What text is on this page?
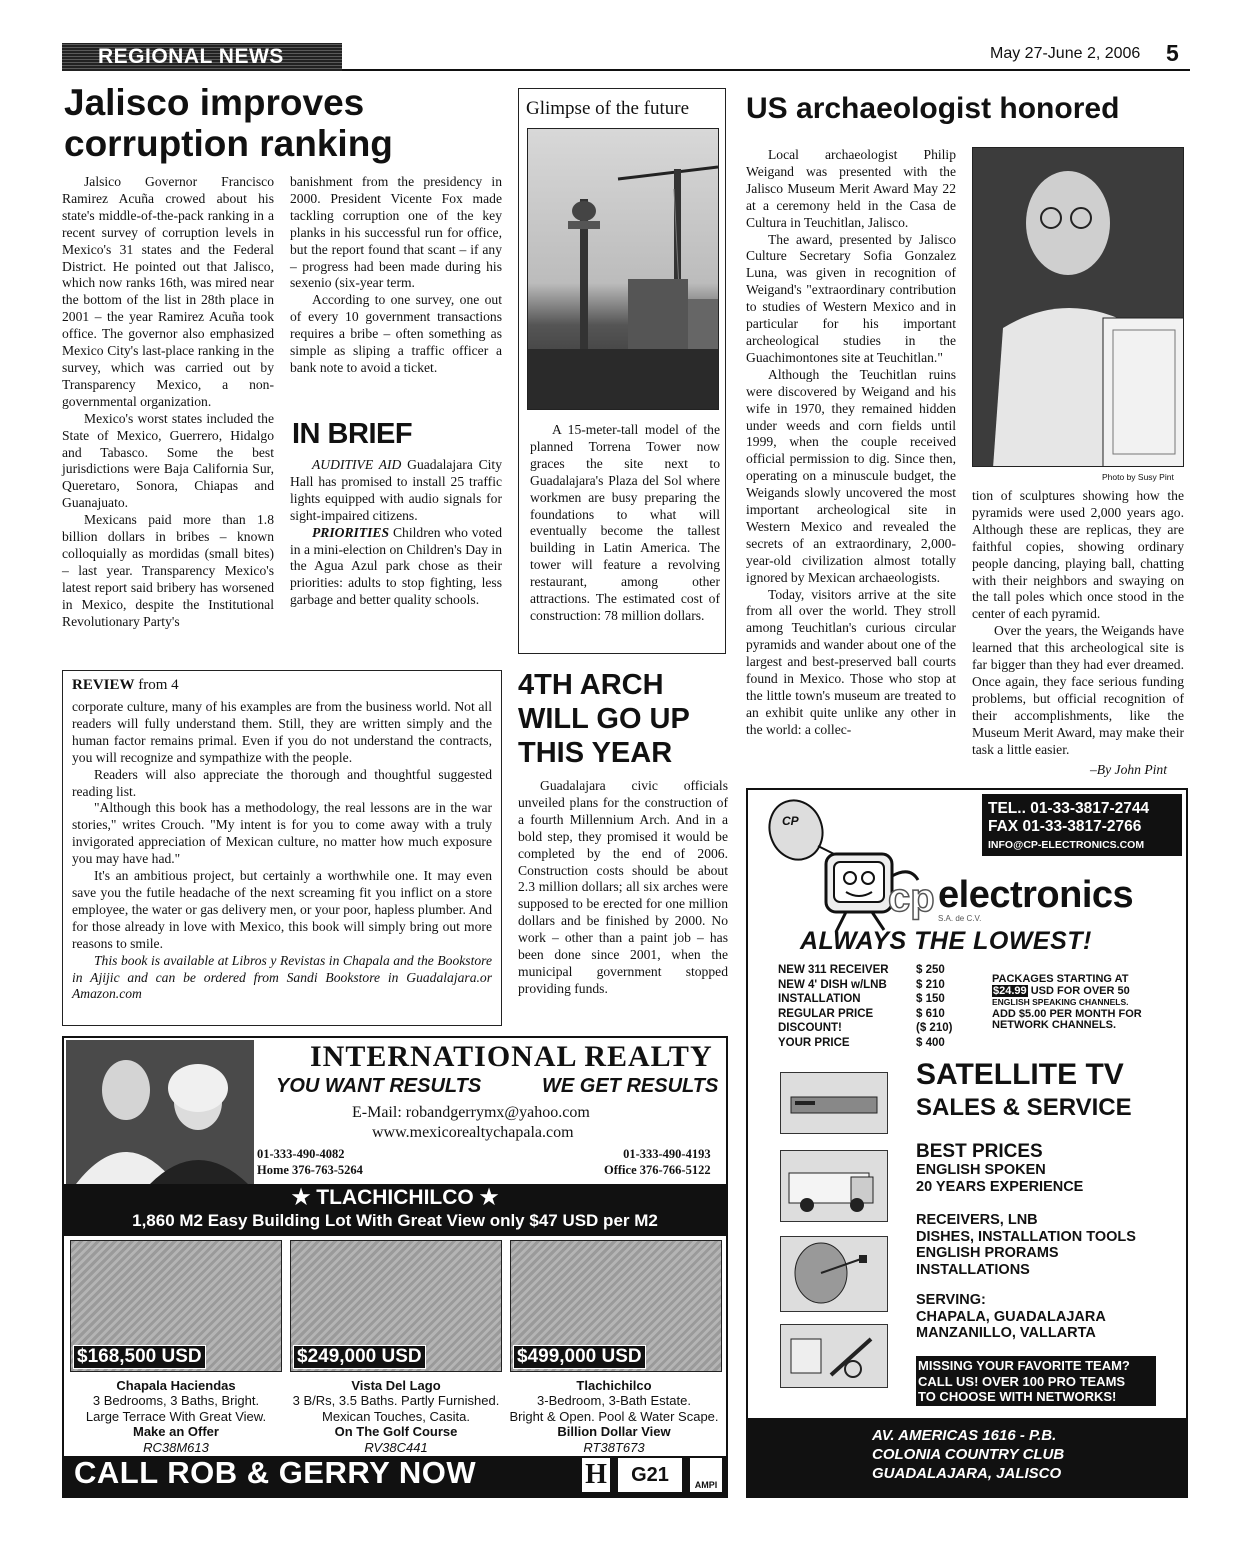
REGIONAL NEWS	May 27-June 2, 2006 5
Jalisco improves corruption ranking

Jalsico Governor Francisco Ramirez Acuña crowed about his state's middle-of-the-pack ranking in a recent survey of corruption levels in Mexico's 31 states and the Federal District. He pointed out that Jalisco, which now ranks 16th, was mired near the bottom of the list in 28th place in 2001 – the year Ramirez Acuña took office. The governor also emphasized Mexico City's last-place ranking in the survey, which was carried out by Transparency Mexico, a non-governmental organization.

Mexico's worst states included the State of Mexico, Guerrero, Hidalgo and Tabasco. Some the best jurisdictions were Baja California Sur, Queretaro, Sonora, Chiapas and Guanajuato.

Mexicans paid more than 1.8 billion dollars in bribes – known colloquially as mordidas (small bites) – last year. Transparency Mexico's latest report said bribery has worsened in Mexico, despite the Institutional Revolutionary Party's

banishment from the presidency in 2000. President Vicente Fox made tackling corruption one of the key planks in his successful run for office, but the report found that scant – if any – progress had been made during his sexenio (six-year term.

According to one survey, one out of every 10 government transactions requires a bribe – often something as simple as sliping a traffic officer a bank note to avoid a ticket.

IN BRIEF

AUDITIVE AID Guadalajara City Hall has promised to install 25 traffic lights equipped with audio signals for sight-impaired citizens.

PRIORITIES Children who voted in a mini-election on Children's Day in the Agua Azul park chose as their priorities: adults to stop fighting, less garbage and better quality schools.

Glimpse of the future

A 15-meter-tall model of the planned Torrena Tower now graces the site next to Guadalajara's Plaza del Sol where workmen are busy preparing the foundations to what will eventually become the tallest building in Latin America. The tower will feature a revolving restaurant, among other attractions. The estimated cost of construction: 78 million dollars.

US archaeologist honored
Photo by Susy Pint

Local archaeologist Philip Weigand was presented with the Jalisco Museum Merit Award May 22 at a ceremony held in the Casa de Cultura in Teuchitlan, Jalisco.

The award, presented by Jalisco Culture Secretary Sofia Gonzalez Luna, was given in recognition of Weigand's "extraordinary contribution to studies of Western Mexico and in particular for his important archeological studies in the Guachimontones site at Teuchitlan."

Although the Teuchitlan ruins were discovered by Weigand and his wife in 1970, they remained hidden under weeds and corn fields until 1999, when the couple received official permission to dig. Since then, operating on a minuscule budget, the Weigands slowly uncovered the most important archeological site in Western Mexico and revealed the secrets of an extraordinary, 2,000-year-old civilization almost totally ignored by Mexican archaeologists.

Today, visitors arrive at the site from all over the world. They stroll among Teuchitlan's curious circular pyramids and wander about one of the largest and best-preserved ball courts found in Mexico. Those who stop at the little town's museum are treated to an exhibit quite unlike any other in the world: a collec-

tion of sculptures showing how the pyramids were used 2,000 years ago. Although these are replicas, they are faithful copies, showing ordinary people dancing, playing ball, chatting with their neighbors and swaying on the tall poles which once stood in the center of each pyramid.

Over the years, the Weigands have learned that this archeological site is far bigger than they had ever dreamed. Once again, they face serious funding problems, but official recognition of their accomplishments, like the Museum Merit Award, may make their task a little easier.

–By John Pint
REVIEW from 4

corporate culture, many of his examples are from the business world. Not all readers will fully understand them. Still, they are written simply and the human factor remains primal. Even if you do not understand the contracts, you will recognize and sympathize with the people.

Readers will also appreciate the thorough and thoughtful suggested reading list.

"Although this book has a methodology, the real lessons are in the war stories," writes Crouch. "My intent is for you to come away with a truly invigorated appreciation of Mexican culture, no matter how much exposure you may have had."

It's an ambitious project, but certainly a worthwhile one. It may even save you the futile headache of the next screaming fit you inflict on a store employee, the water or gas delivery men, or your poor, hapless plumber. And for those already in love with Mexico, this book will simply bring out more reasons to smile.

This book is available at Libros y Revistas in Chapala and the Bookstore in Ajijic and can be ordered from Sandi Bookstore in Guadalajara.or Amazon.com

4TH ARCH
WILL GO UP
THIS YEAR

Guadalajara civic officials unveiled plans for the construction of a fourth Millennium Arch. And in a bold step, they promised it would be completed by the end of 2006. Construction costs should be about 2.3 million dollars; all six arches were supposed to be erected for one million dollars and be finished by 2000. No work – other than a paint job – has been done since 2001, when the municipal government stopped providing funds.

INTERNATIONAL REALTY
YOU WANT RESULTS	WE GET RESULTS
E-Mail: robandgerrymx@yahoo.com
www.mexicorealtychapala.com
01-333-490-4082
Home 376-763-5264
01-333-490-4193
Office 376-766-5122
★ TLACHICHILCO ★
1,860 M2 Easy Building Lot With Great View only $47 USD per M2
$168,500 USD	$249,000 USD	$499,000 USD
Chapala Haciendas
3 Bedrooms, 3 Baths, Bright.
Large Terrace With Great View.
Make an Offer
RC38M613
Vista Del Lago
3 B/Rs, 3.5 Baths. Partly Furnished.
Mexican Touches, Casita.
On The Golf Course
RV38C441
Tlachichilco
3-Bedroom, 3-Bath Estate.
Bright & Open. Pool & Water Scape.
Billion Dollar View
RT38T673
CALL ROB & GERRY NOW	H	G21	AMPI
TEL.. 01-33-3817-2744
FAX 01-33-3817-2766
INFO@CP-ELECTRONICS.COM
CP
cp electronics
S.A. de C.V.
ALWAYS THE LOWEST!
NEW 311 RECEIVER $ 250
NEW 4' DISH w/LNB	$ 210
INSTALLATION	$ 150
REGULAR PRICE	$ 610
DISCOUNT!	($ 210)
YOUR PRICE	$ 400
PACKAGES STARTING AT
$24.99 USD FOR OVER 50
ENGLISH SPEAKING CHANNELS.
ADD $5.00 PER MONTH FOR
NETWORK CHANNELS.
SATELLITE TV
SALES & SERVICE
BEST PRICES
ENGLISH SPOKEN
20 YEARS EXPERIENCE
RECEIVERS, LNB
DISHES, INSTALLATION TOOLS
ENGLISH PRORAMS
INSTALLATIONS
SERVING:
CHAPALA, GUADALAJARA
MANZANILLO, VALLARTA
MISSING YOUR FAVORITE TEAM?
CALL US! OVER 100 PRO TEAMS
TO CHOOSE WITH NETWORKS!
AV. AMERICAS 1616 - P.B.
COLONIA COUNTRY CLUB
GUADALAJARA, JALISCO
